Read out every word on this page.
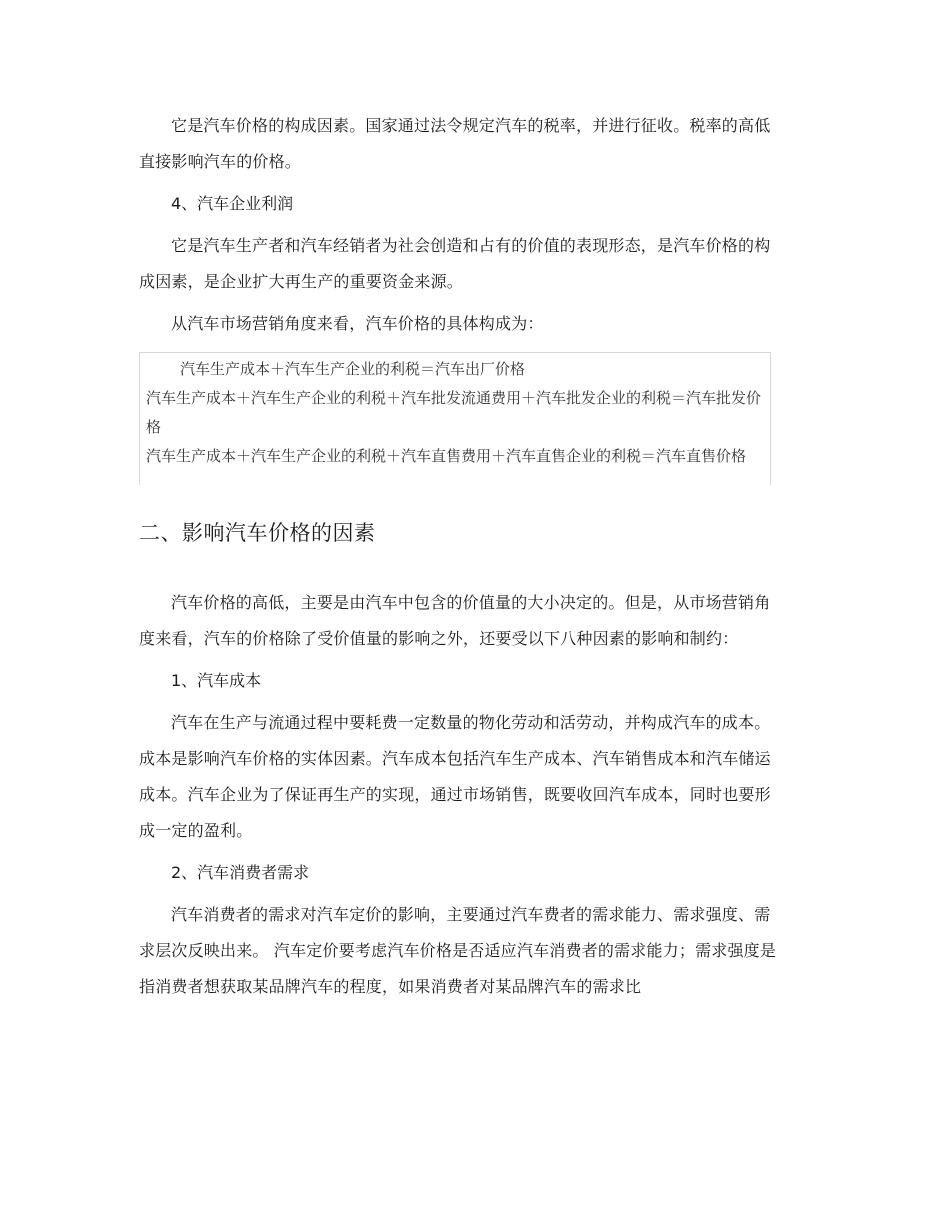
它是汽车价格的构成因素。国家通过法令规定汽车的税率，并进行征收。税率的高低直接影响汽车的价格。

4、汽车企业利润

它是汽车生产者和汽车经销者为社会创造和占有的价值的表现形态，是汽车价格的构成因素，是企业扩大再生产的重要资金来源。

从汽车市场营销角度来看，汽车价格的具体构成为：

汽车生产成本＋汽车生产企业的利税＝汽车出厂价格

汽车生产成本＋汽车生产企业的利税＋汽车批发流通费用＋汽车批发企业的利税＝汽车批发价格

汽车生产成本＋汽车生产企业的利税＋汽车直售费用＋汽车直售企业的利税＝汽车直售价格

二、影响汽车价格的因素

汽车价格的高低，主要是由汽车中包含的价值量的大小决定的。但是，从市场营销角度来看，汽车的价格除了受价值量的影响之外，还要受以下八种因素的影响和制约：

1、汽车成本

汽车在生产与流通过程中要耗费一定数量的物化劳动和活劳动，并构成汽车的成本。成本是影响汽车价格的实体因素。汽车成本包括汽车生产成本、汽车销售成本和汽车储运成本。汽车企业为了保证再生产的实现，通过市场销售，既要收回汽车成本，同时也要形成一定的盈利。

2、汽车消费者需求

汽车消费者的需求对汽车定价的影响，主要通过汽车费者的需求能力、需求强度、需求层次反映出来。 汽车定价要考虑汽车价格是否适应汽车消费者的需求能力；需求强度是指消费者想获取某品牌汽车的程度，如果消费者对某品牌汽车的需求比
